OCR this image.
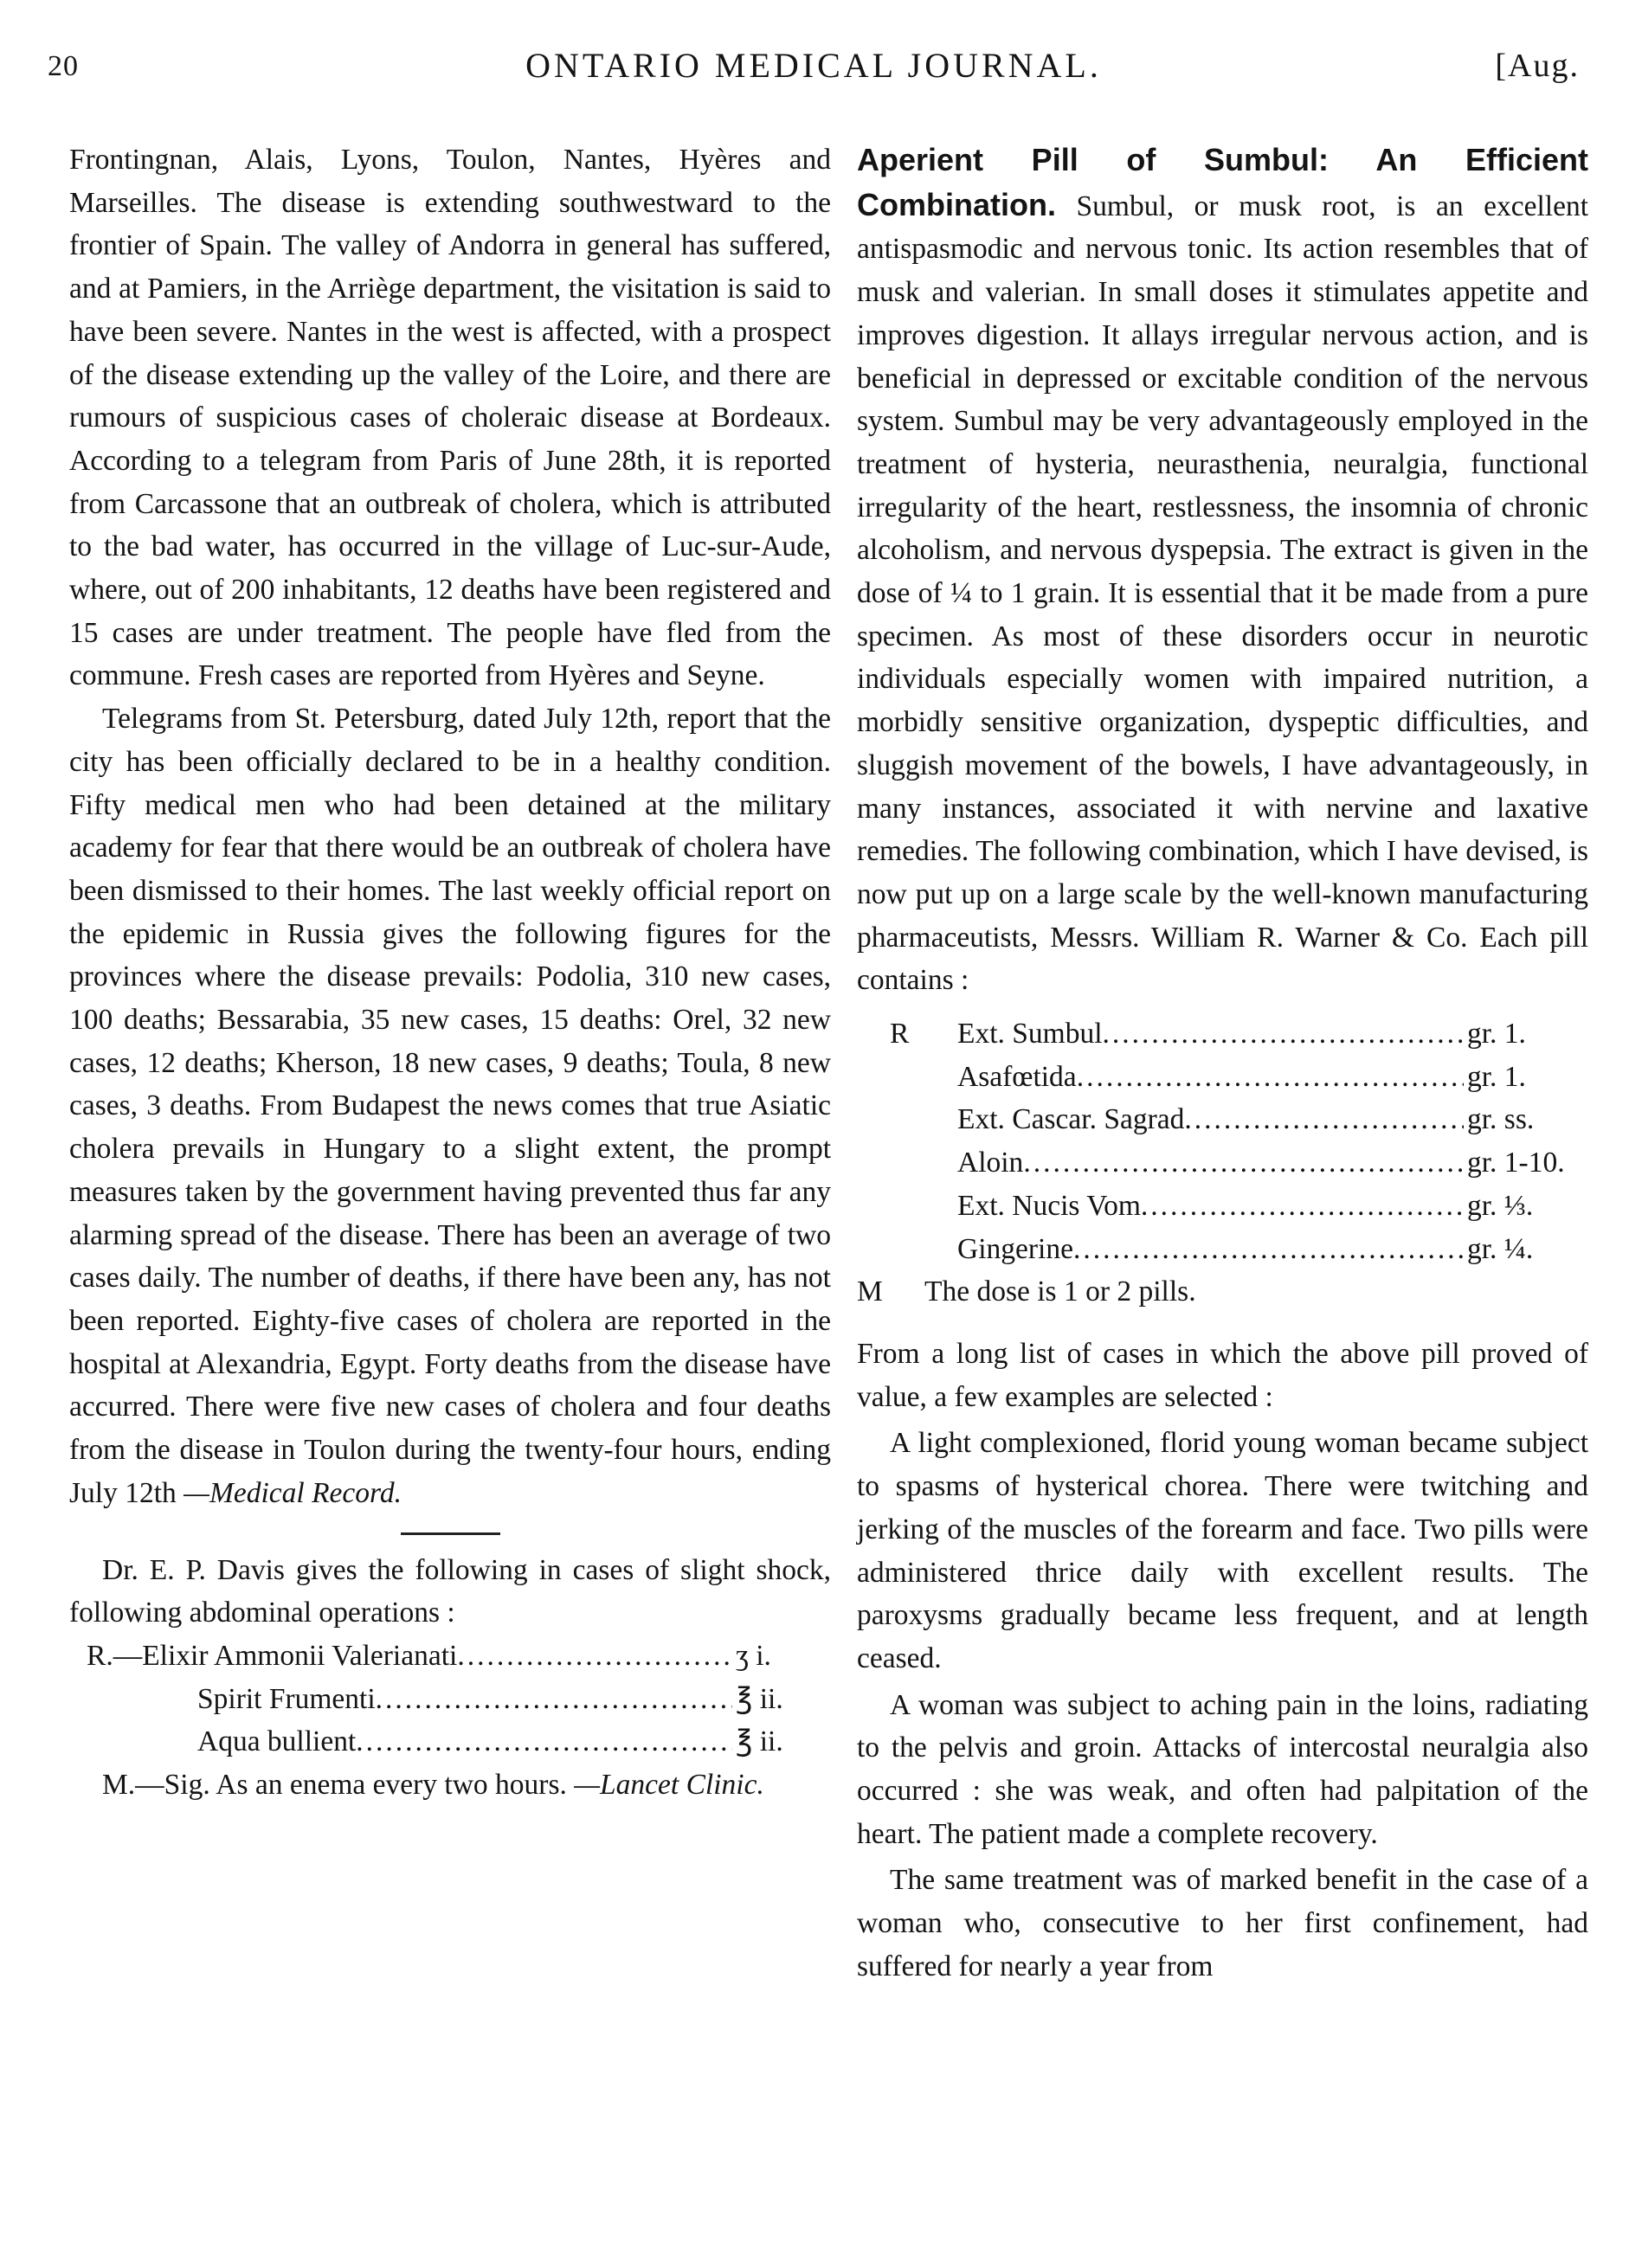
20	ONTARIO MEDICAL JOURNAL.	[Aug.

Frontingnan, Alais, Lyons, Toulon, Nantes, Hyères and Marseilles. The disease is extending southwestward to the frontier of Spain. The valley of Andorra in general has suffered, and at Pamiers, in the Arriège department, the visitation is said to have been severe. Nantes in the west is affected, with a prospect of the disease extending up the valley of the Loire, and there are rumours of suspicious cases of choleraic disease at Bordeaux. According to a telegram from Paris of June 28th, it is reported from Carcassone that an outbreak of cholera, which is attributed to the bad water, has occurred in the village of Luc-sur-Aude, where, out of 200 inhabitants, 12 deaths have been registered and 15 cases are under treatment. The people have fled from the commune. Fresh cases are reported from Hyères and Seyne.

Telegrams from St. Petersburg, dated July 12th, report that the city has been officially declared to be in a healthy condition. Fifty medical men who had been detained at the military academy for fear that there would be an outbreak of cholera have been dismissed to their homes. The last weekly official report on the epidemic in Russia gives the following figures for the provinces where the disease prevails: Podolia, 310 new cases, 100 deaths; Bessarabia, 35 new cases, 15 deaths: Orel, 32 new cases, 12 deaths; Kherson, 18 new cases, 9 deaths; Toula, 8 new cases, 3 deaths. From Budapest the news comes that true Asiatic cholera prevails in Hungary to a slight extent, the prompt measures taken by the government having prevented thus far any alarming spread of the disease. There has been an average of two cases daily. The number of deaths, if there have been any, has not been reported. Eighty-five cases of cholera are reported in the hospital at Alexandria, Egypt. Forty deaths from the disease have accurred. There were five new cases of cholera and four deaths from the disease in Toulon during the twenty-four hours, ending July 12th —Medical Record.

Dr. E. P. Davis gives the following in cases of slight shock, following abdominal operations :

R.—Elixir Ammonii Valerianati .....	ʒ i.
Spirit Frumenti .....	℥ ii.
Aqua bullient .....	℥ ii.

M.—Sig. As an enema every two hours. —Lancet Clinic.

Aperient Pill of Sumbul: An Efficient Combination. Sumbul, or musk root, is an excellent antispasmodic and nervous tonic. Its action resembles that of musk and valerian. In small doses it stimulates appetite and improves digestion. It allays irregular nervous action, and is beneficial in depressed or excitable condition of the nervous system. Sumbul may be very advantageously employed in the treatment of hysteria, neurasthenia, neuralgia, functional irregularity of the heart, restlessness, the insomnia of chronic alcoholism, and nervous dyspepsia. The extract is given in the dose of ¼ to 1 grain. It is essential that it be made from a pure specimen. As most of these disorders occur in neurotic individuals especially women with impaired nutrition, a morbidly sensitive organization, dyspeptic difficulties, and sluggish movement of the bowels, I have advantageously, in many instances, associated it with nervine and laxative remedies. The following combination, which I have devised, is now put up on a large scale by the well-known manufacturing pharmaceutists, Messrs. William R. Warner & Co. Each pill contains :

R	Ext. Sumbul .....	gr. 1.
Asafœtida .....	gr. 1.
Ext. Cascar. Sagrad .....	gr. ss.
Aloin .....	gr. 1-10.
Ext. Nucis Vom .....	gr. ⅓.
Gingerine .....	gr. ¼.
M	The dose is 1 or 2 pills.

From a long list of cases in which the above pill proved of value, a few examples are selected :

A light complexioned, florid young woman became subject to spasms of hysterical chorea. There were twitching and jerking of the muscles of the forearm and face. Two pills were administered thrice daily with excellent results. The paroxysms gradually became less frequent, and at length ceased.

A woman was subject to aching pain in the loins, radiating to the pelvis and groin. Attacks of intercostal neuralgia also occurred : she was weak, and often had palpitation of the heart. The patient made a complete recovery.

The same treatment was of marked benefit in the case of a woman who, consecutive to her first confinement, had suffered for nearly a year from
